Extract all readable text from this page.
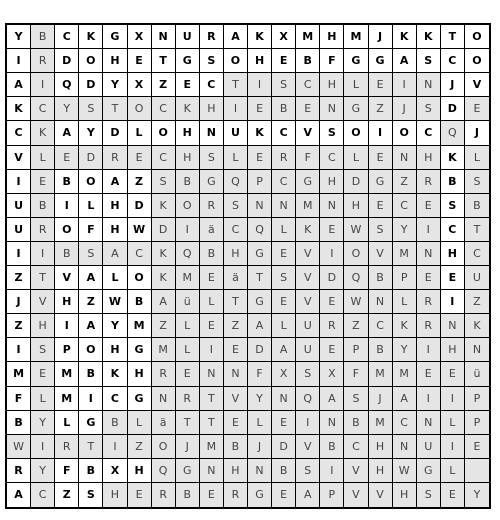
Y	B	C	K	G	X	N	U	R	A	K	X	M	H	M	J	K	K	T	O
I	R	D	O	H	E	T	G	S	O	H	E	B	F	G	G	A	S	C	O
A	I	Q	D	Y	X	Z	E	C	T	I	S	C	H	L	E	I	N	J	V
K	C	Y	S	T	O	C	K	H	I	E	B	E	N	G	Z	J	S	D	E
C	K	A	Y	D	L	O	H	N	U	K	C	V	S	O	I	O	C	Q	J
V	L	E	D	R	E	C	H	S	L	E	R	F	C	L	E	N	H	K	L
I	E	B	O	A	Z	S	B	G	Q	P	C	G	H	D	G	Z	R	B	S
U	B	I	L	H	D	K	O	R	S	N	N	M	N	H	E	C	E	S	B
U	R	O	F	H	W	D	I	ä	C	Q	L	K	E	W	S	Y	I	C	T
I	I	B	S	A	C	K	Q	B	H	G	E	V	I	O	V	M	N	H	C
Z	T	V	A	L	O	K	M	E	ä	T	S	V	D	Q	B	P	E	E	U
J	V	H	Z	W	B	A	ü	L	T	G	E	V	E	W	N	L	R	I	Z
Z	H	I	A	Y	M	Z	L	E	Z	A	L	U	R	Z	C	K	R	N	K
I	S	P	O	H	G	M	L	I	E	D	A	U	E	P	B	Y	I	H	N
M	E	M	B	K	H	R	E	N	N	F	X	S	X	F	M	M	E	E	ü
F	L	M	I	C	G	N	R	T	V	Y	N	Q	A	S	J	A	I	I	P
B	Y	L	G	B	L	ä	T	T	E	L	E	I	N	B	M	C	N	L	P
W	I	R	T	I	Z	O	J	M	B	J	D	V	B	C	H	N	U	I	E
R	Y	F	B	X	H	Q	G	N	H	N	B	S	I	V	H	W	G	L
A	C	Z	S	H	E	R	B	E	R	G	E	A	P	V	V	H	S	E	Y
